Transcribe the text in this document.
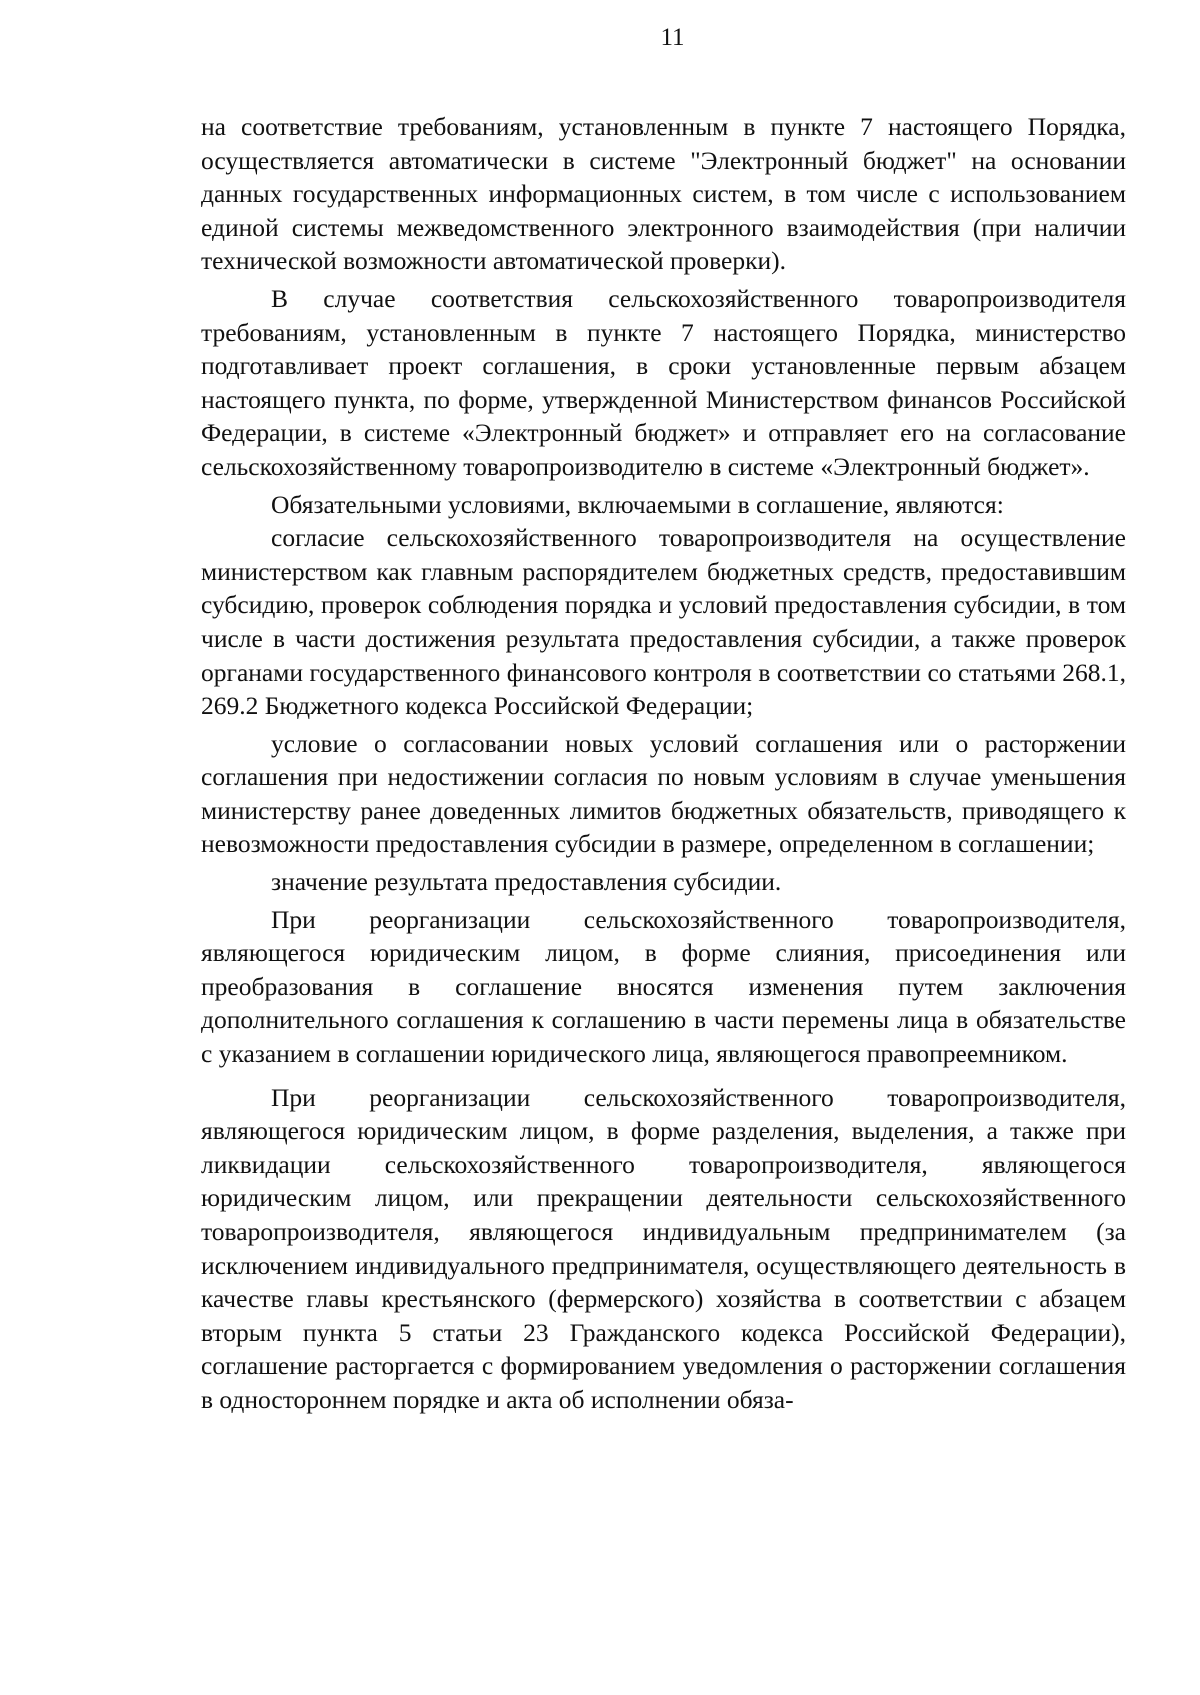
11

на соответствие требованиям, установленным в пункте 7 настоящего Порядка, осуществляется автоматически в системе "Электронный бюджет" на основании данных государственных информационных систем, в том числе с использованием единой системы межведомственного электронного взаимодействия (при наличии технической возможности автоматической проверки).

В случае соответствия сельскохозяйственного товаропроизводителя требованиям, установленным в пункте 7 настоящего Порядка, министерство подготавливает проект соглашения, в сроки установленные первым абзацем настоящего пункта, по форме, утвержденной Министерством финансов Российской Федерации, в системе «Электронный бюджет» и отправляет его на согласование сельскохозяйственному товаропроизводителю в системе «Электронный бюджет».

Обязательными условиями, включаемыми в соглашение, являются:

согласие сельскохозяйственного товаропроизводителя на осуществление министерством как главным распорядителем бюджетных средств, предоставившим субсидию, проверок соблюдения порядка и условий предоставления субсидии, в том числе в части достижения результата предоставления субсидии, а также проверок органами государственного финансового контроля в соответствии со статьями 268.1, 269.2 Бюджетного кодекса Российской Федерации;

условие о согласовании новых условий соглашения или о расторжении соглашения при недостижении согласия по новым условиям в случае уменьшения министерству ранее доведенных лимитов бюджетных обязательств, приводящего к невозможности предоставления субсидии в размере, определенном в соглашении;

значение результата предоставления субсидии.

При реорганизации сельскохозяйственного товаропроизводителя, являющегося юридическим лицом, в форме слияния, присоединения или преобразования в соглашение вносятся изменения путем заключения дополнительного соглашения к соглашению в части перемены лица в обязательстве с указанием в соглашении юридического лица, являющегося правопреемником.

При реорганизации сельскохозяйственного товаропроизводителя, являющегося юридическим лицом, в форме разделения, выделения, а также при ликвидации сельскохозяйственного товаропроизводителя, являющегося юридическим лицом, или прекращении деятельности сельскохозяйственного товаропроизводителя, являющегося индивидуальным предпринимателем (за исключением индивидуального предпринимателя, осуществляющего деятельность в качестве главы крестьянского (фермерского) хозяйства в соответствии с абзацем вторым пункта 5 статьи 23 Гражданского кодекса Российской Федерации), соглашение расторгается с формированием уведомления о расторжении соглашения в одностороннем порядке и акта об исполнении обяза-
